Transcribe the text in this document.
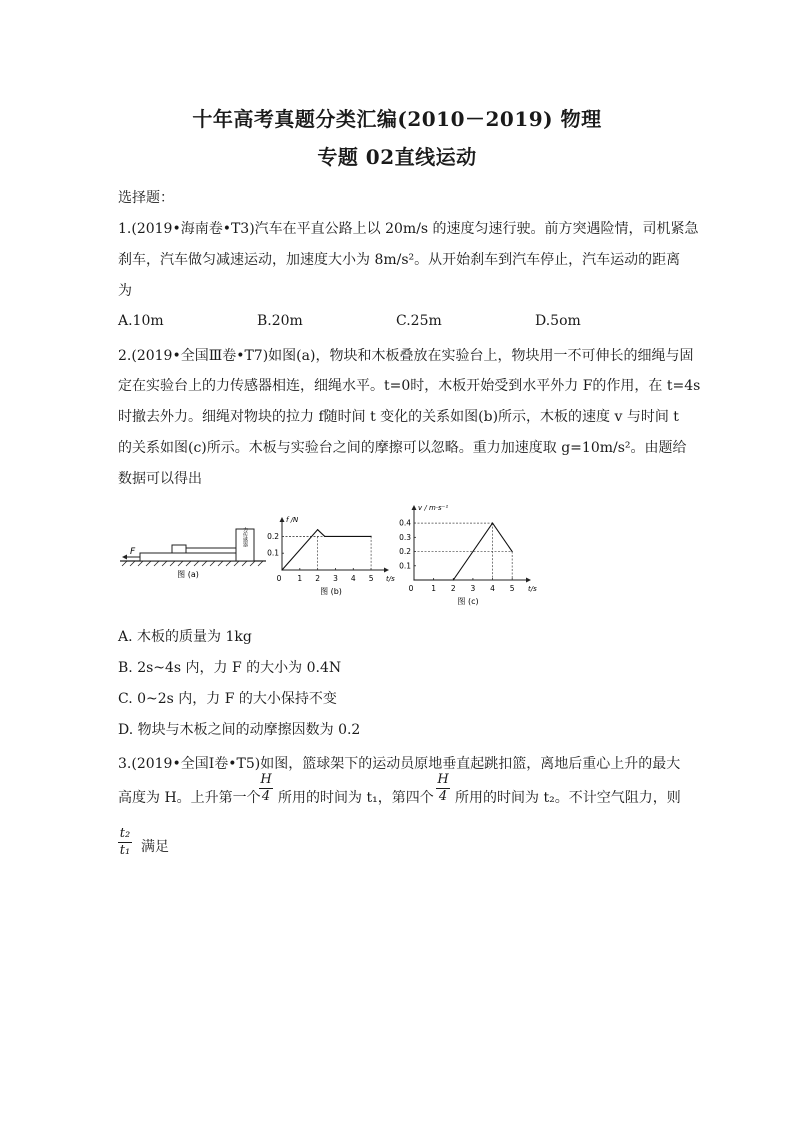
十年高考真题分类汇编(2010－2019) 物理
专题 02直线运动
选择题：
1.(2019•海南卷•T3)汽车在平直公路上以 20m/s 的速度匀速行驶。前方突遇险情，司机紧急
刹车，汽车做匀减速运动，加速度大小为 8m/s²。从开始刹车到汽车停止，汽车运动的距离
为
A.10m	B.20m	C.25m	D.5om
2.(2019•全国Ⅲ卷•T7)如图(a)，物块和木板叠放在实验台上，物块用一不可伸长的细绳与固
定在实验台上的力传感器相连，细绳水平。t=0时，木板开始受到水平外力 F的作用，在 t=4s
时撤去外力。细绳对物块的拉力 f随时间 t 变化的关系如图(b)所示，木板的速度 v 与时间 t
的关系如图(c)所示。木板与实验台之间的摩擦可以忽略。重力加速度取 g=10m/s²。由题给
数据可以得出
力传感器
F
图 (a)	t/s
f /N
0 1 2 3 4 5
0.1
0.2
图 (b)	t/s
v / m·s⁻¹
0 1 2 3 4 5
0.1
0.2
0.3
0.4
图 (c)
A. 木板的质量为 1kg
B. 2s~4s 内，力 F 的大小为 0.4N
C. 0~2s 内，力 F 的大小保持不变
D. 物块与木板之间的动摩擦因数为 0.2
3.(2019•全国Ⅰ卷•T5)如图，篮球架下的运动员原地垂直起跳扣篮，离地后重心上升的最大
高度为 H。上升第一个
H
4 所用的时间为 t₁，第四个
H
4 所用的时间为 t₂。不计空气阻力，则
t₂
t₁ 满足
